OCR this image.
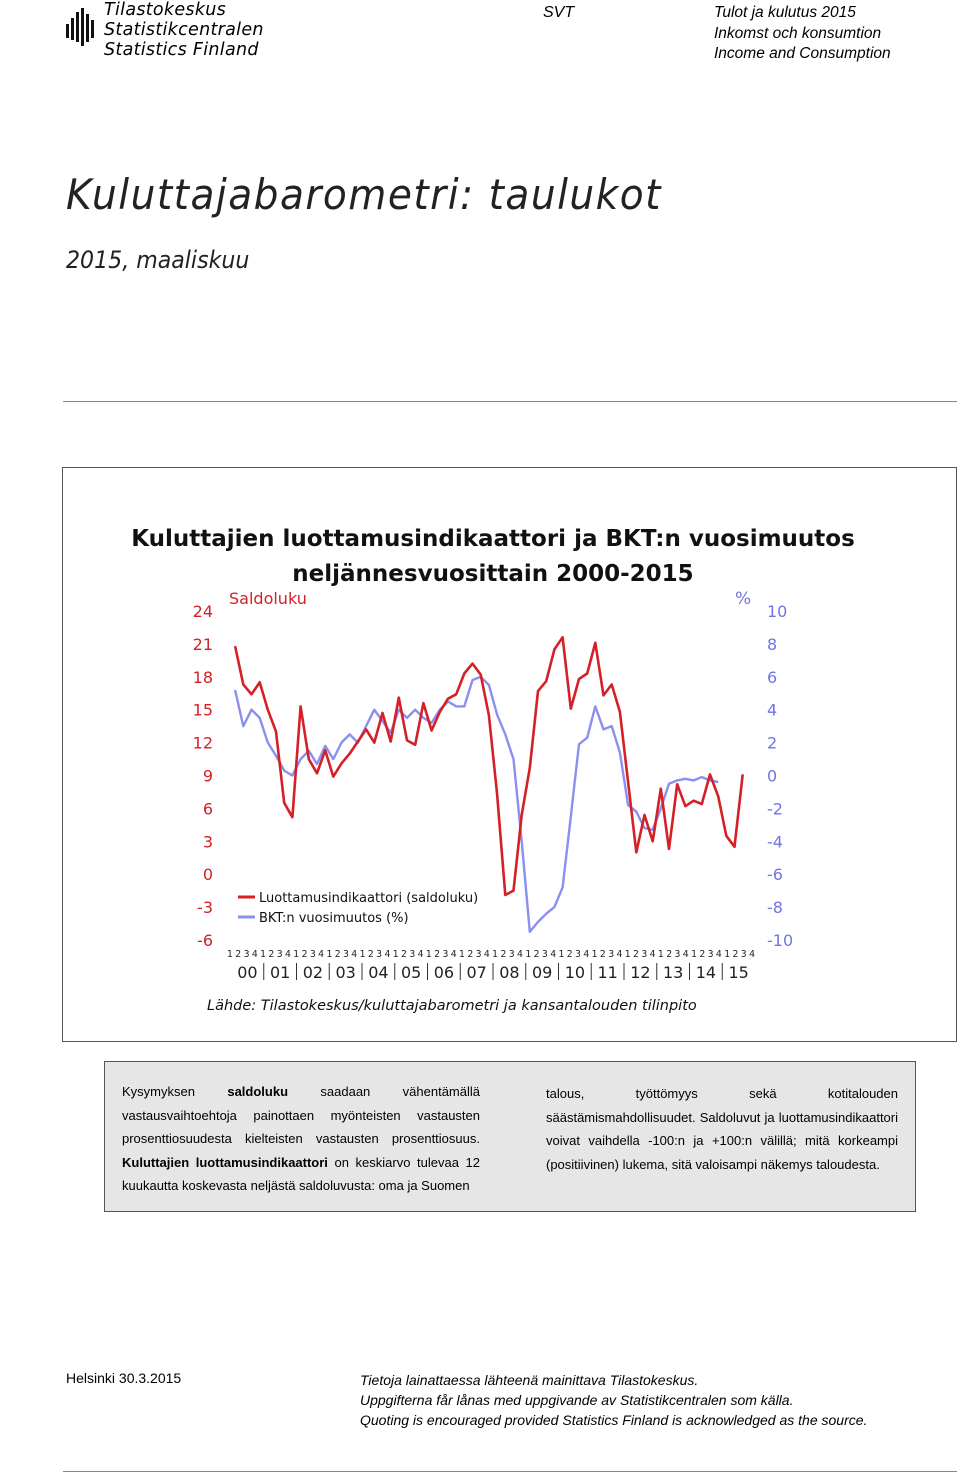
Tilastokeskus
Statistikcentralen
Statistics Finland
SVT	Tulot ja kulutus 2015
Inkomst och konsumtion
Income and Consumption
Kuluttajabarometri: taulukot
2015, maaliskuu
Kuluttajien luottamusindikaattori ja BKT:n vuosimuutos
neljännesvuosittain 2000-2015
Saldoluku	%
24
21
18
15
12
9
6
3
0
-3
-6
10
8
6
4
2
0
-2
-4
-6
-8
-10
1 2 3 4 1 2 3 4 1 2 3 4 1 2 3 4 1 2 3 4 1 2 3 4 1 2 3 4 1 2 3 4 1 2 3 4 1 2 3 4 1 2 3 4 1 2 3 4 1 2 3 4 1 2 3 4 1 2 3 4 1 2 3 4
00 01 02 03 04 05 06 07 08 09 10 11 12 13 14 15
Luottamusindikaattori (saldoluku)
BKT:n vuosimuutos (%)
Lähde: Tilastokeskus/kuluttajabarometri ja kansantalouden tilinpito
Kysymyksen saldoluku saadaan vähentämällä vastausvaihtoehtoja painottaen myönteisten vastausten prosenttiosuudesta kielteisten vastausten prosenttiosuus. Kuluttajien luottamusindikaattori on keskiarvo tulevaa 12 kuukautta koskevasta neljästä saldoluvusta: oma ja Suomen
talous, työttömyys sekä kotitalouden säästämismahdollisuudet. Saldoluvut ja luottamusindikaattori voivat vaihdella -100:n ja +100:n välillä; mitä korkeampi (positiivinen) lukema, sitä valoisampi näkemys taloudesta.
Helsinki 30.3.2015	Tietoja lainattaessa lähteenä mainittava Tilastokeskus.
Uppgifterna får lånas med uppgivande av Statistikcentralen som källa.
Quoting is encouraged provided Statistics Finland is acknowledged as the source.
